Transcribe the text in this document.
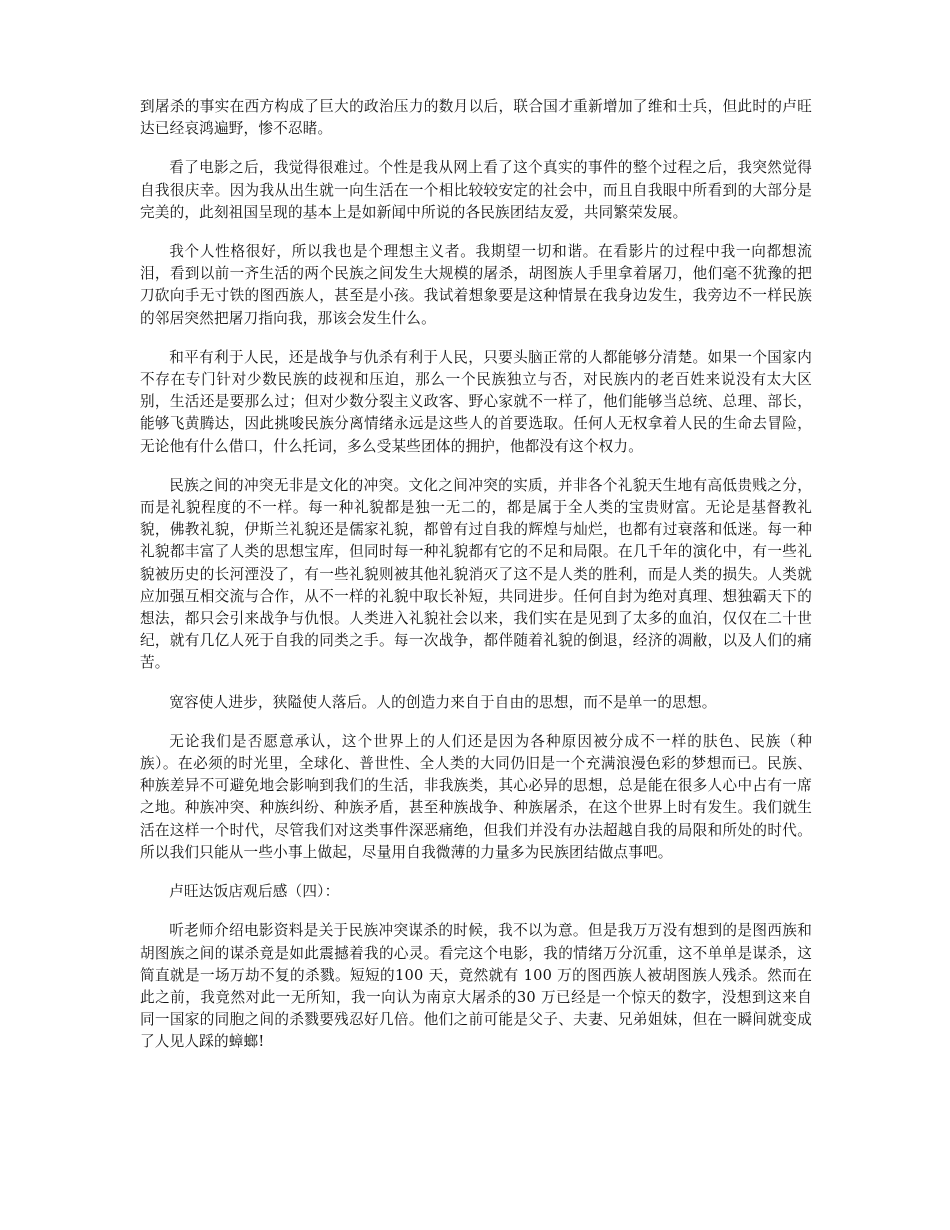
到屠杀的事实在西方构成了巨大的政治压力的数月以后，联合国才重新增加了维和士兵，但此时的卢旺达已经哀鸿遍野，惨不忍睹。

看了电影之后，我觉得很难过。个性是我从网上看了这个真实的事件的整个过程之后，我突然觉得自我很庆幸。因为我从出生就一向生活在一个相比较较安定的社会中，而且自我眼中所看到的大部分是完美的，此刻祖国呈现的基本上是如新闻中所说的各民族团结友爱，共同繁荣发展。

我个人性格很好，所以我也是个理想主义者。我期望一切和谐。在看影片的过程中我一向都想流泪，看到以前一齐生活的两个民族之间发生大规模的屠杀，胡图族人手里拿着屠刀，他们毫不犹豫的把刀砍向手无寸铁的图西族人，甚至是小孩。我试着想象要是这种情景在我身边发生，我旁边不一样民族的邻居突然把屠刀指向我，那该会发生什么。

和平有利于人民，还是战争与仇杀有利于人民，只要头脑正常的人都能够分清楚。如果一个国家内不存在专门针对少数民族的歧视和压迫，那么一个民族独立与否，对民族内的老百姓来说没有太大区别，生活还是要那么过；但对少数分裂主义政客、野心家就不一样了，他们能够当总统、总理、部长，能够飞黄腾达，因此挑唆民族分离情绪永远是这些人的首要选取。任何人无权拿着人民的生命去冒险，无论他有什么借口，什么托词，多么受某些团体的拥护，他都没有这个权力。

民族之间的冲突无非是文化的冲突。文化之间冲突的实质，并非各个礼貌天生地有高低贵贱之分，而是礼貌程度的不一样。每一种礼貌都是独一无二的，都是属于全人类的宝贵财富。无论是基督教礼貌，佛教礼貌，伊斯兰礼貌还是儒家礼貌，都曾有过自我的辉煌与灿烂，也都有过衰落和低迷。每一种礼貌都丰富了人类的思想宝库，但同时每一种礼貌都有它的不足和局限。在几千年的演化中，有一些礼貌被历史的长河湮没了，有一些礼貌则被其他礼貌消灭了这不是人类的胜利，而是人类的损失。人类就应加强互相交流与合作，从不一样的礼貌中取长补短，共同进步。任何自封为绝对真理、想独霸天下的想法，都只会引来战争与仇恨。人类进入礼貌社会以来，我们实在是见到了太多的血泊，仅仅在二十世纪，就有几亿人死于自我的同类之手。每一次战争，都伴随着礼貌的倒退，经济的凋敝，以及人们的痛苦。

宽容使人进步，狭隘使人落后。人的创造力来自于自由的思想，而不是单一的思想。

无论我们是否愿意承认，这个世界上的人们还是因为各种原因被分成不一样的肤色、民族（种族）。在必须的时光里，全球化、普世性、全人类的大同仍旧是一个充满浪漫色彩的梦想而已。民族、种族差异不可避免地会影响到我们的生活，非我族类，其心必异的思想，总是能在很多人心中占有一席之地。种族冲突、种族纠纷、种族矛盾，甚至种族战争、种族屠杀，在这个世界上时有发生。我们就生活在这样一个时代，尽管我们对这类事件深恶痛绝，但我们并没有办法超越自我的局限和所处的时代。所以我们只能从一些小事上做起，尽量用自我微薄的力量多为民族团结做点事吧。

卢旺达饭店观后感（四）：

听老师介绍电影资料是关于民族冲突谋杀的时候，我不以为意。但是我万万没有想到的是图西族和胡图族之间的谋杀竟是如此震撼着我的心灵。看完这个电影，我的情绪万分沉重，这不单单是谋杀，这简直就是一场万劫不复的杀戮。短短的100 天，竟然就有 100 万的图西族人被胡图族人残杀。然而在此之前，我竟然对此一无所知，我一向认为南京大屠杀的30 万已经是一个惊天的数字，没想到这来自同一国家的同胞之间的杀戮要残忍好几倍。他们之前可能是父子、夫妻、兄弟姐妹，但在一瞬间就变成了人见人踩的蟑螂!
